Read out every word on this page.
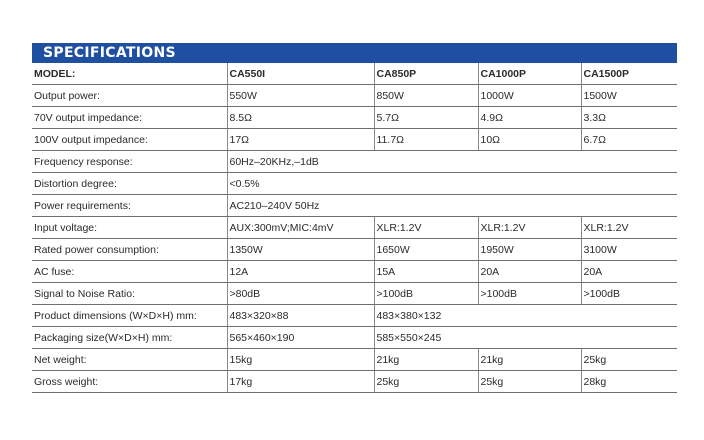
SPECIFICATIONS
MODEL:	CA550I	CA850P	CA1000P	CA1500P
Output power:	550W	850W	1000W	1500W
70V output impedance:	8.5Ω	5.7Ω	4.9Ω	3.3Ω
100V output impedance:	17Ω	11.7Ω	10Ω	6.7Ω
Frequency response:	60Hz–20KHz,–1dB			
Distortion degree:	<0.5%			
Power requirements:	AC210–240V 50Hz			
Input voltage:	AUX:300mV;MIC:4mV	XLR:1.2V	XLR:1.2V	XLR:1.2V
Rated power consumption:	1350W	1650W	1950W	3100W
AC fuse:	12A	15A	20A	20A
Signal to Noise Ratio:	>80dB	>100dB	>100dB	>100dB
Product dimensions (W×D×H) mm:	483×320×88	483×380×132		
Packaging size(W×D×H) mm:	565×460×190	585×550×245		
Net weight:	15kg	21kg	21kg	25kg
Gross weight:	17kg	25kg	25kg	28kg
